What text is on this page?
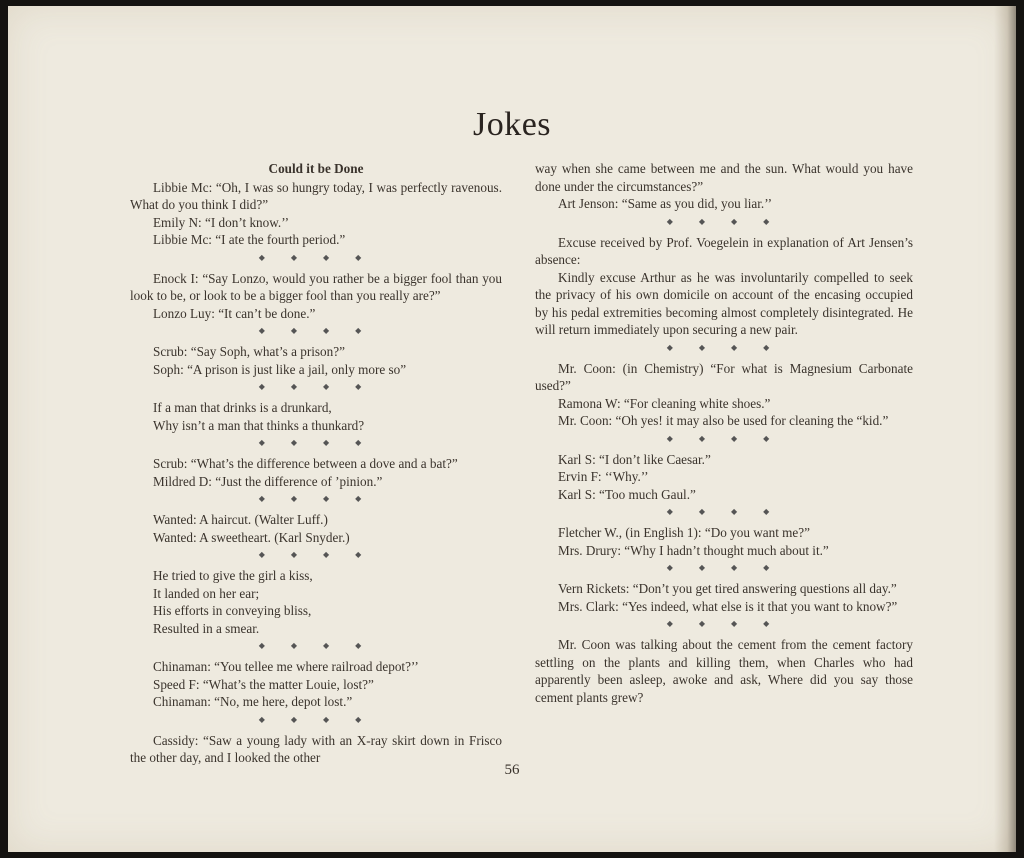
Jokes
Could it be Done
Libbie Mc: “Oh, I was so hungry today, I was perfectly ravenous. What do you think I did?”
Emily N: “I don’t know.’’
Libbie Mc: “I ate the fourth period.”
◆ ◆ ◆ ◆
Enock I: “Say Lonzo, would you rather be a bigger fool than you look to be, or look to be a bigger fool than you really are?”
Lonzo Luy: “It can’t be done.”
◆ ◆ ◆ ◆
Scrub: “Say Soph, what’s a prison?”
Soph: “A prison is just like a jail, only more so”
◆ ◆ ◆ ◆
If a man that drinks is a drunkard,
Why isn’t a man that thinks a thunkard?
◆ ◆ ◆ ◆
Scrub: “What’s the difference between a dove and a bat?”
Mildred D: “Just the difference of ’pinion.”
◆ ◆ ◆ ◆
Wanted: A haircut. (Walter Luff.)
Wanted: A sweetheart. (Karl Snyder.)
◆ ◆ ◆ ◆
He tried to give the girl a kiss,
It landed on her ear;
His efforts in conveying bliss,
Resulted in a smear.
◆ ◆ ◆ ◆
Chinaman: “You tellee me where railroad depot?’’
Speed F: “What’s the matter Louie, lost?”
Chinaman: “No, me here, depot lost.”
◆ ◆ ◆ ◆
Cassidy: “Saw a young lady with an X-ray skirt down in Frisco the other day, and I looked the other
way when she came between me and the sun. What would you have done under the circumstances?”
Art Jenson: “Same as you did, you liar.’’
◆ ◆ ◆ ◆
Excuse received by Prof. Voegelein in explanation of Art Jensen’s absence:
Kindly excuse Arthur as he was involuntarily compelled to seek the privacy of his own domicile on account of the encasing occupied by his pedal extremities becoming almost completely disintegrated. He will return immediately upon securing a new pair.
◆ ◆ ◆ ◆
Mr. Coon: (in Chemistry) “For what is Magnesium Carbonate used?”
Ramona W: “For cleaning white shoes.”
Mr. Coon: “Oh yes! it may also be used for cleaning the “kid.”
◆ ◆ ◆ ◆
Karl S: “I don’t like Caesar.”
Ervin F: ‘‘Why.’’
Karl S: “Too much Gaul.”
◆ ◆ ◆ ◆
Fletcher W., (in English 1): “Do you want me?”
Mrs. Drury: “Why I hadn’t thought much about it.”
◆ ◆ ◆ ◆
Vern Rickets: “Don’t you get tired answering questions all day.”
Mrs. Clark: “Yes indeed, what else is it that you want to know?”
◆ ◆ ◆ ◆
Mr. Coon was talking about the cement from the cement factory settling on the plants and killing them, when Charles who had apparently been asleep, awoke and ask, Where did you say those cement plants grew?
56
